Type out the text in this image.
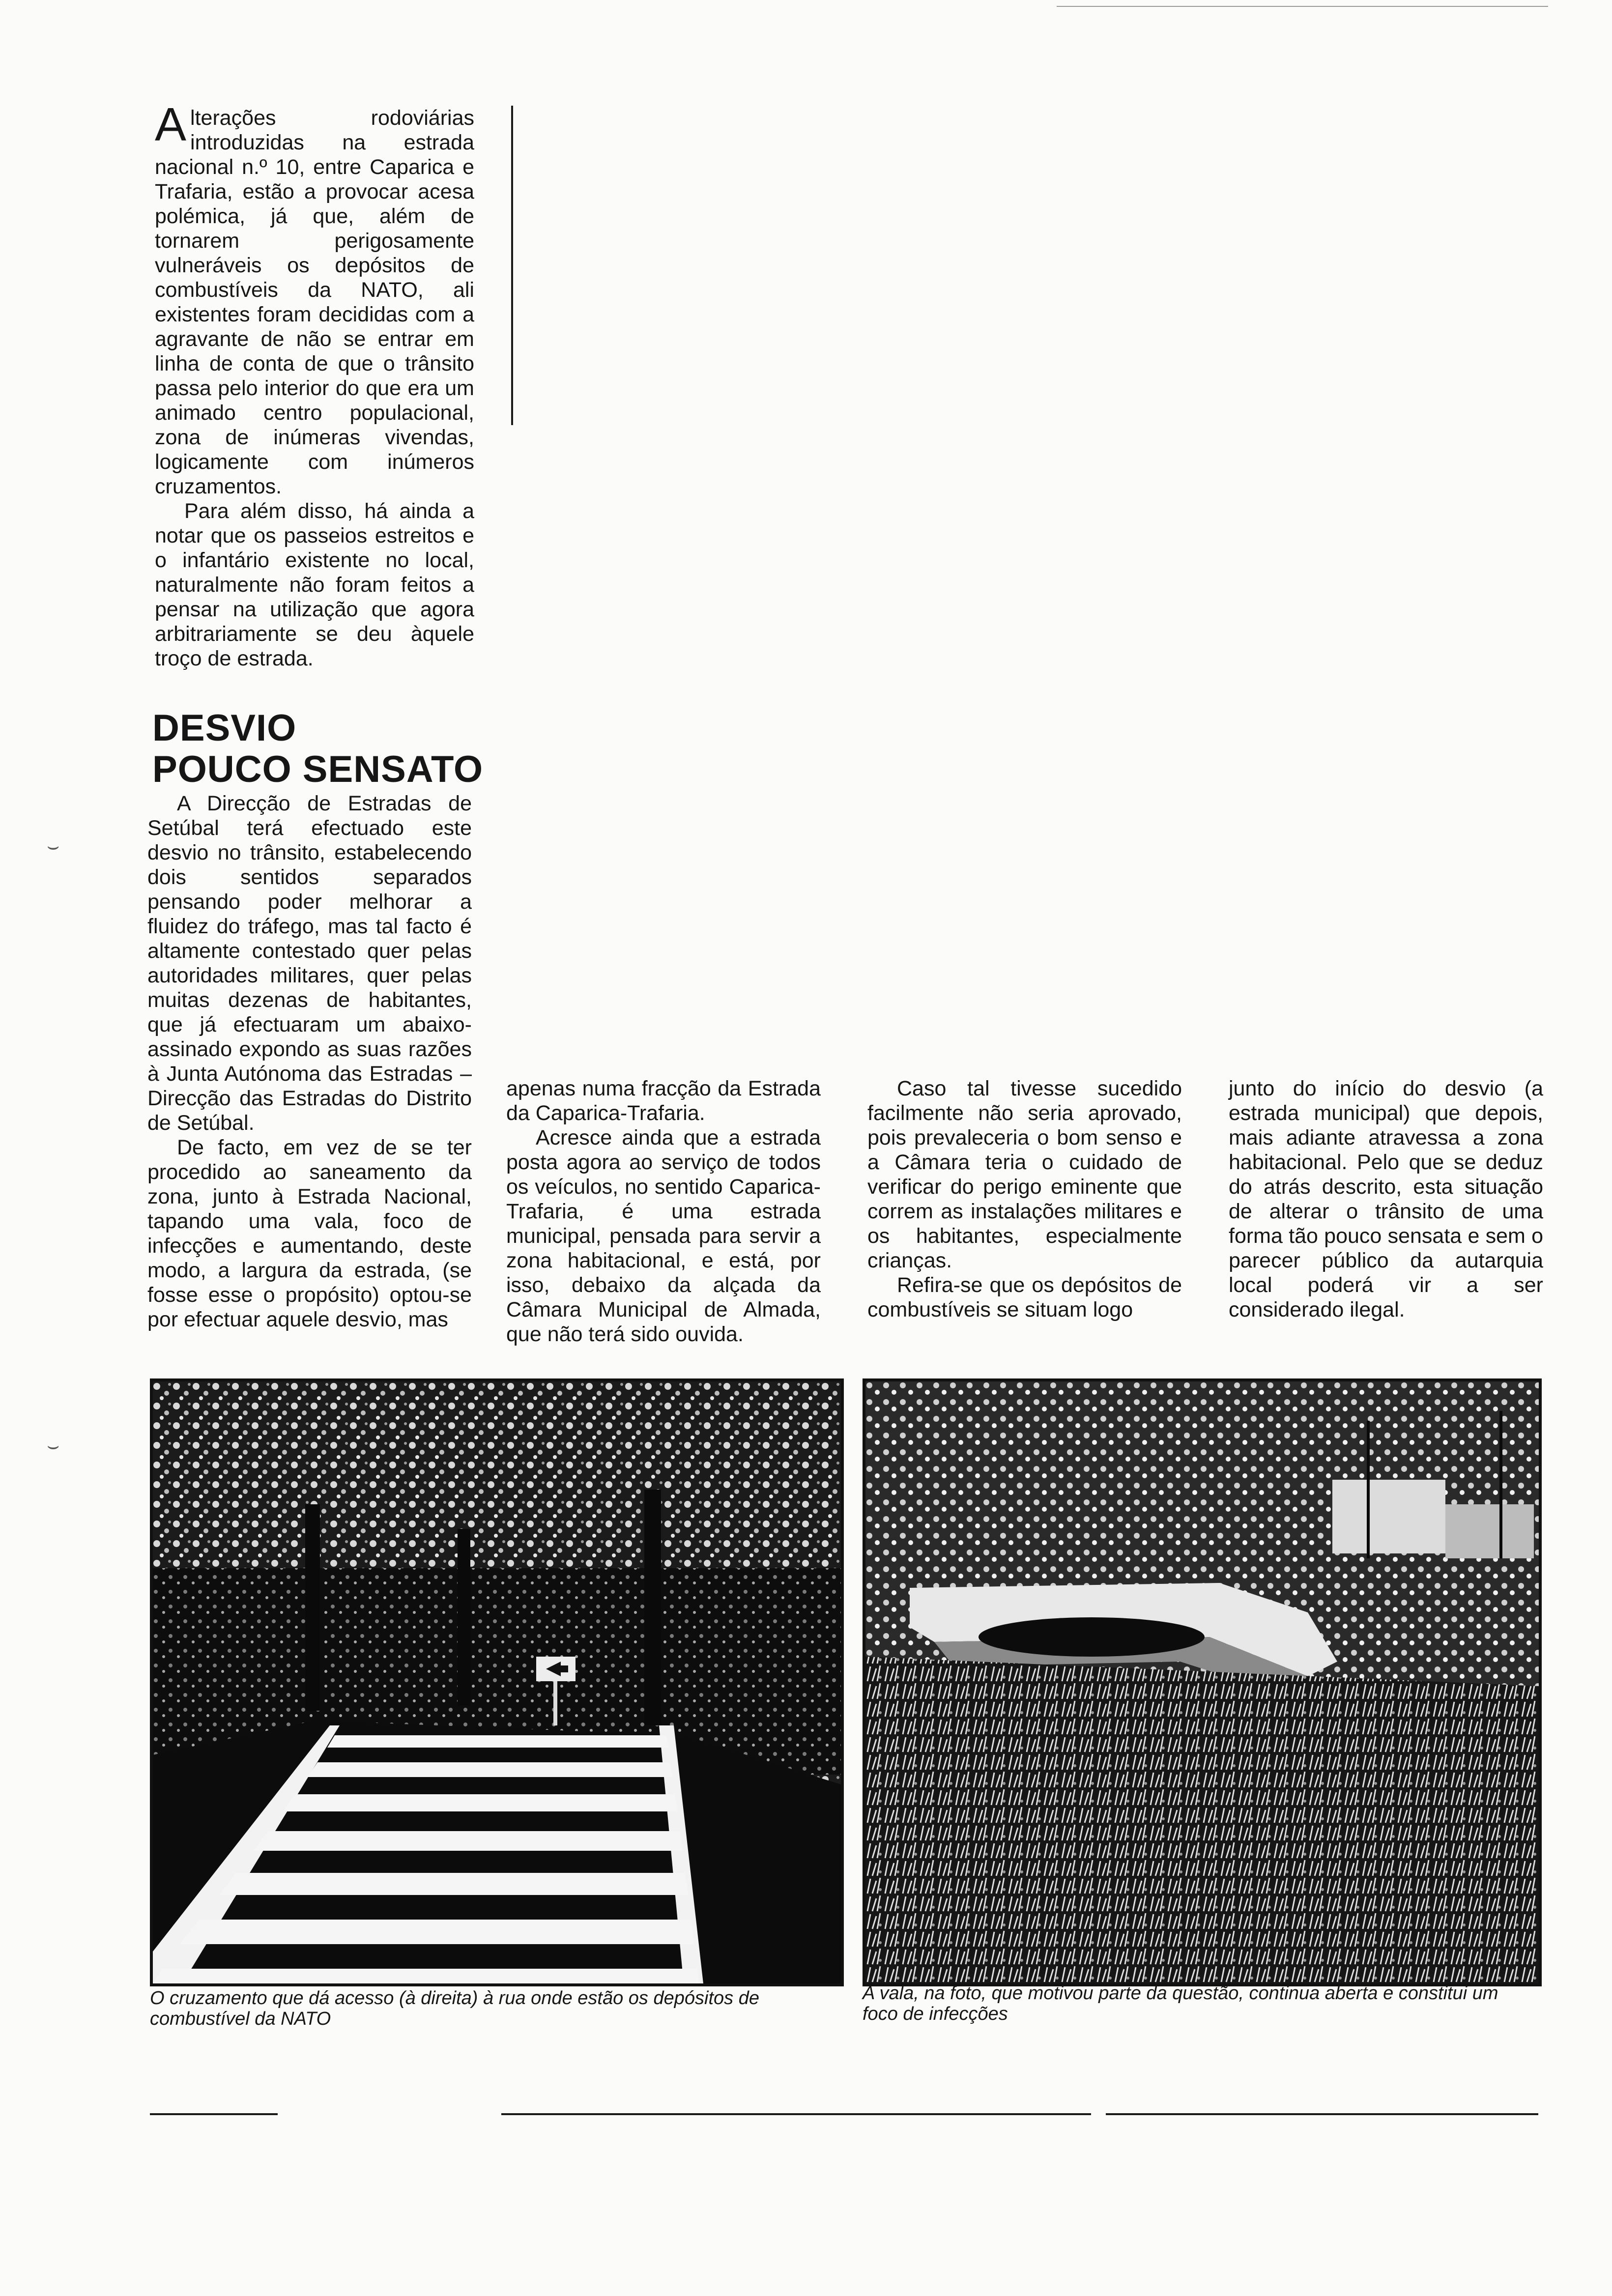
Alterações rodoviárias introduzidas na estrada nacional n.º 10, entre Caparica e Trafaria, estão a provocar acesa polémica, já que, além de tornarem perigosamente vulneráveis os depósitos de combustíveis da NATO, ali existentes foram decididas com a agravante de não se entrar em linha de conta de que o trânsito passa pelo interior do que era um animado centro populacional, zona de inúmeras vivendas, logicamente com inúmeros cruzamentos.

Para além disso, há ainda a notar que os passeios estreitos e o infantário existente no local, naturalmente não foram feitos a pensar na utilização que agora arbitrariamente se deu àquele troço de estrada.

DESVIO
POUCO SENSATO

A Direcção de Estradas de Setúbal terá efectuado este desvio no trânsito, estabelecendo dois sentidos separados pensando poder melhorar a fluidez do tráfego, mas tal facto é altamente contestado quer pelas autoridades militares, quer pelas muitas dezenas de habitantes, que já efectuaram um abaixo-assinado expondo as suas razões à Junta Autónoma das Estradas – Direcção das Estradas do Distrito de Setúbal.

De facto, em vez de se ter procedido ao saneamento da zona, junto à Estrada Nacional, tapando uma vala, foco de infecções e aumentando, deste modo, a largura da estrada, (se fosse esse o propósito) optou-se por efectuar aquele desvio, mas

apenas numa fracção da Estrada da Caparica-Trafaria.

Acresce ainda que a estrada posta agora ao serviço de todos os veículos, no sentido Caparica-Trafaria, é uma estrada municipal, pensada para servir a zona habitacional, e está, por isso, debaixo da alçada da Câmara Municipal de Almada, que não terá sido ouvida.

Caso tal tivesse sucedido facilmente não seria aprovado, pois prevaleceria o bom senso e a Câmara teria o cuidado de verificar do perigo eminente que correm as instalações militares e os habitantes, especialmente crianças.

Refira-se que os depósitos de combustíveis se situam logo

junto do início do desvio (a estrada municipal) que depois, mais adiante atravessa a zona habitacional. Pelo que se deduz do atrás descrito, esta situação de alterar o trânsito de uma forma tão pouco sensata e sem o parecer público da autarquia local poderá vir a ser considerado ilegal.

⌣
⌣
O cruzamento que dá acesso (à direita) à rua onde estão os depósitos de combustível da NATO
A vala, na foto, que motivou parte da questão, continua aberta e constitui um foco de infecções
